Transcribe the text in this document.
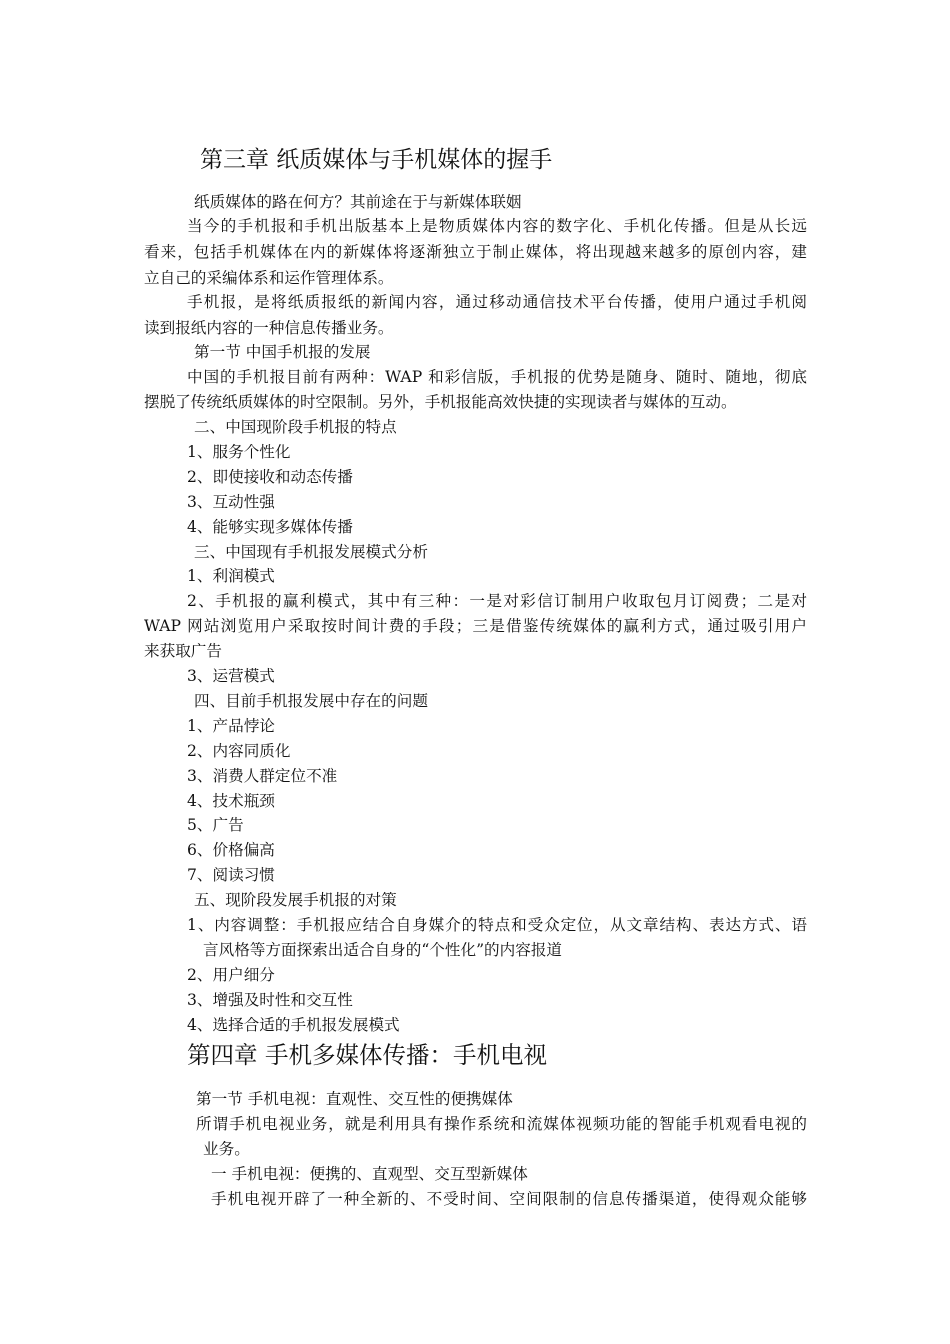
第三章 纸质媒体与手机媒体的握手
纸质媒体的路在何方？其前途在于与新媒体联姻
当今的手机报和手机出版基本上是物质媒体内容的数字化、手机化传播。但是从长远
看来，包括手机媒体在内的新媒体将逐渐独立于制止媒体，将出现越来越多的原创内容，建
立自己的采编体系和运作管理体系。
手机报，是将纸质报纸的新闻内容，通过移动通信技术平台传播，使用户通过手机阅
读到报纸内容的一种信息传播业务。
第一节 中国手机报的发展
中国的手机报目前有两种：WAP 和彩信版，手机报的优势是随身、随时、随地，彻底
摆脱了传统纸质媒体的时空限制。另外，手机报能高效快捷的实现读者与媒体的互动。
二、中国现阶段手机报的特点
1、服务个性化
2、即使接收和动态传播
3、互动性强
4、能够实现多媒体传播
三、中国现有手机报发展模式分析
1、利润模式
2、手机报的赢利模式，其中有三种：一是对彩信订制用户收取包月订阅费；二是对
WAP 网站浏览用户采取按时间计费的手段；三是借鉴传统媒体的赢利方式，通过吸引用户
来获取广告
3、运营模式
四、目前手机报发展中存在的问题
1、产品悖论
2、内容同质化
3、消费人群定位不准
4、技术瓶颈
5、广告
6、价格偏高
7、阅读习惯
五、现阶段发展手机报的对策
1、内容调整：手机报应结合自身媒介的特点和受众定位，从文章结构、表达方式、语
言风格等方面探索出适合自身的“个性化”的内容报道
2、用户细分
3、增强及时性和交互性
4、选择合适的手机报发展模式
第四章 手机多媒体传播：手机电视
第一节 手机电视：直观性、交互性的便携媒体
所谓手机电视业务，就是利用具有操作系统和流媒体视频功能的智能手机观看电视的
业务。
一 手机电视：便携的、直观型、交互型新媒体
手机电视开辟了一种全新的、不受时间、空间限制的信息传播渠道，使得观众能够
